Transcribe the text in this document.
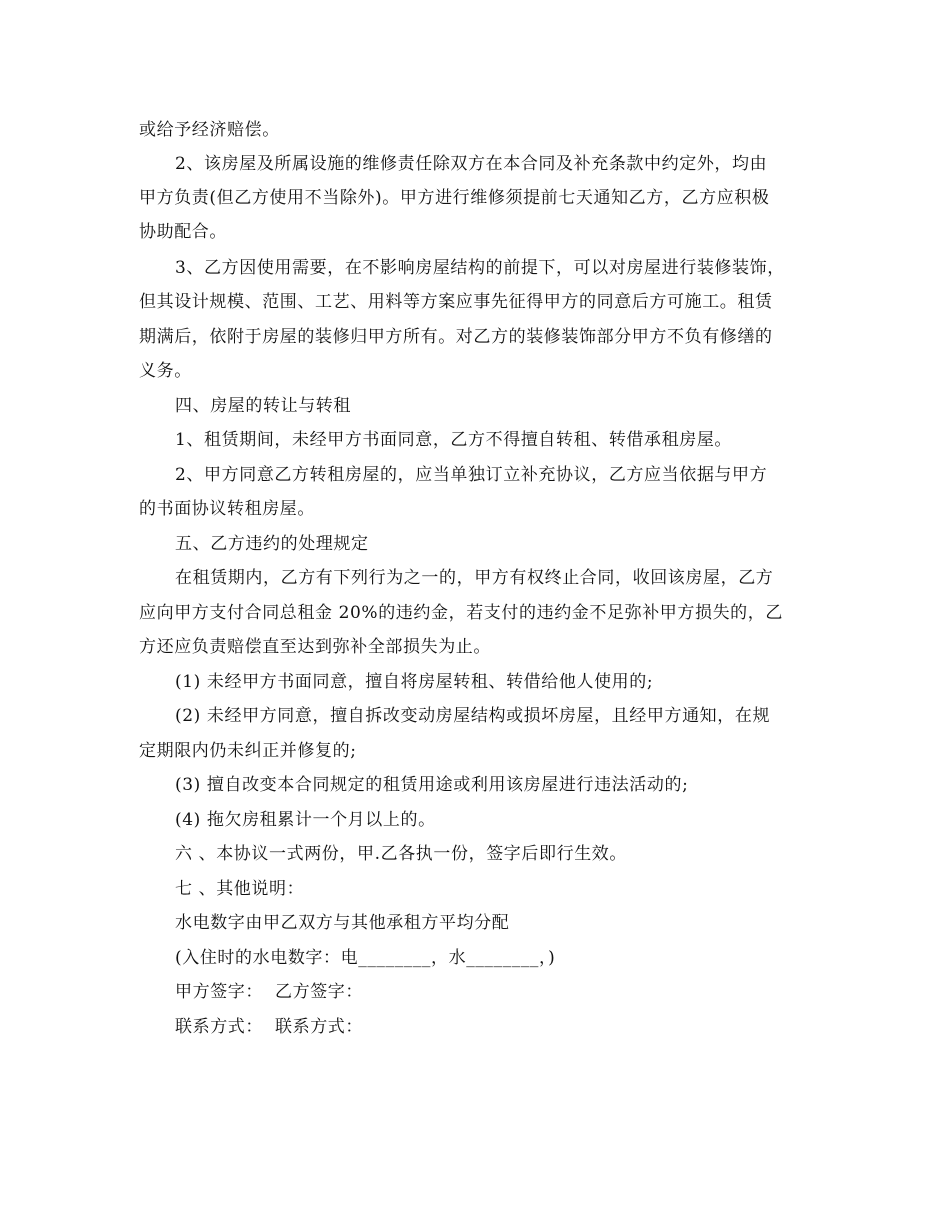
或给予经济赔偿。
2、该房屋及所属设施的维修责任除双方在本合同及补充条款中约定外，均由
甲方负责(但乙方使用不当除外)。甲方进行维修须提前七天通知乙方，乙方应积极
协助配合。
3、乙方因使用需要，在不影响房屋结构的前提下，可以对房屋进行装修装饰，
但其设计规模、范围、工艺、用料等方案应事先征得甲方的同意后方可施工。租赁
期满后，依附于房屋的装修归甲方所有。对乙方的装修装饰部分甲方不负有修缮的
义务。
四、房屋的转让与转租
1、租赁期间，未经甲方书面同意，乙方不得擅自转租、转借承租房屋。
2、甲方同意乙方转租房屋的，应当单独订立补充协议，乙方应当依据与甲方
的书面协议转租房屋。
五、乙方违约的处理规定
在租赁期内，乙方有下列行为之一的，甲方有权终止合同，收回该房屋，乙方
应向甲方支付合同总租金 20%的违约金，若支付的违约金不足弥补甲方损失的，乙
方还应负责赔偿直至达到弥补全部损失为止。
(1) 未经甲方书面同意，擅自将房屋转租、转借给他人使用的;
(2) 未经甲方同意，擅自拆改变动房屋结构或损坏房屋，且经甲方通知，在规
定期限内仍未纠正并修复的;
(3) 擅自改变本合同规定的租赁用途或利用该房屋进行违法活动的;
(4) 拖欠房租累计一个月以上的。
六 、本协议一式两份，甲.乙各执一份，签字后即行生效。
七 、其他说明：
水电数字由甲乙双方与其他承租方平均分配
(入住时的水电数字：电________，水________，)
甲方签字：  乙方签字：
联系方式：  联系方式：
